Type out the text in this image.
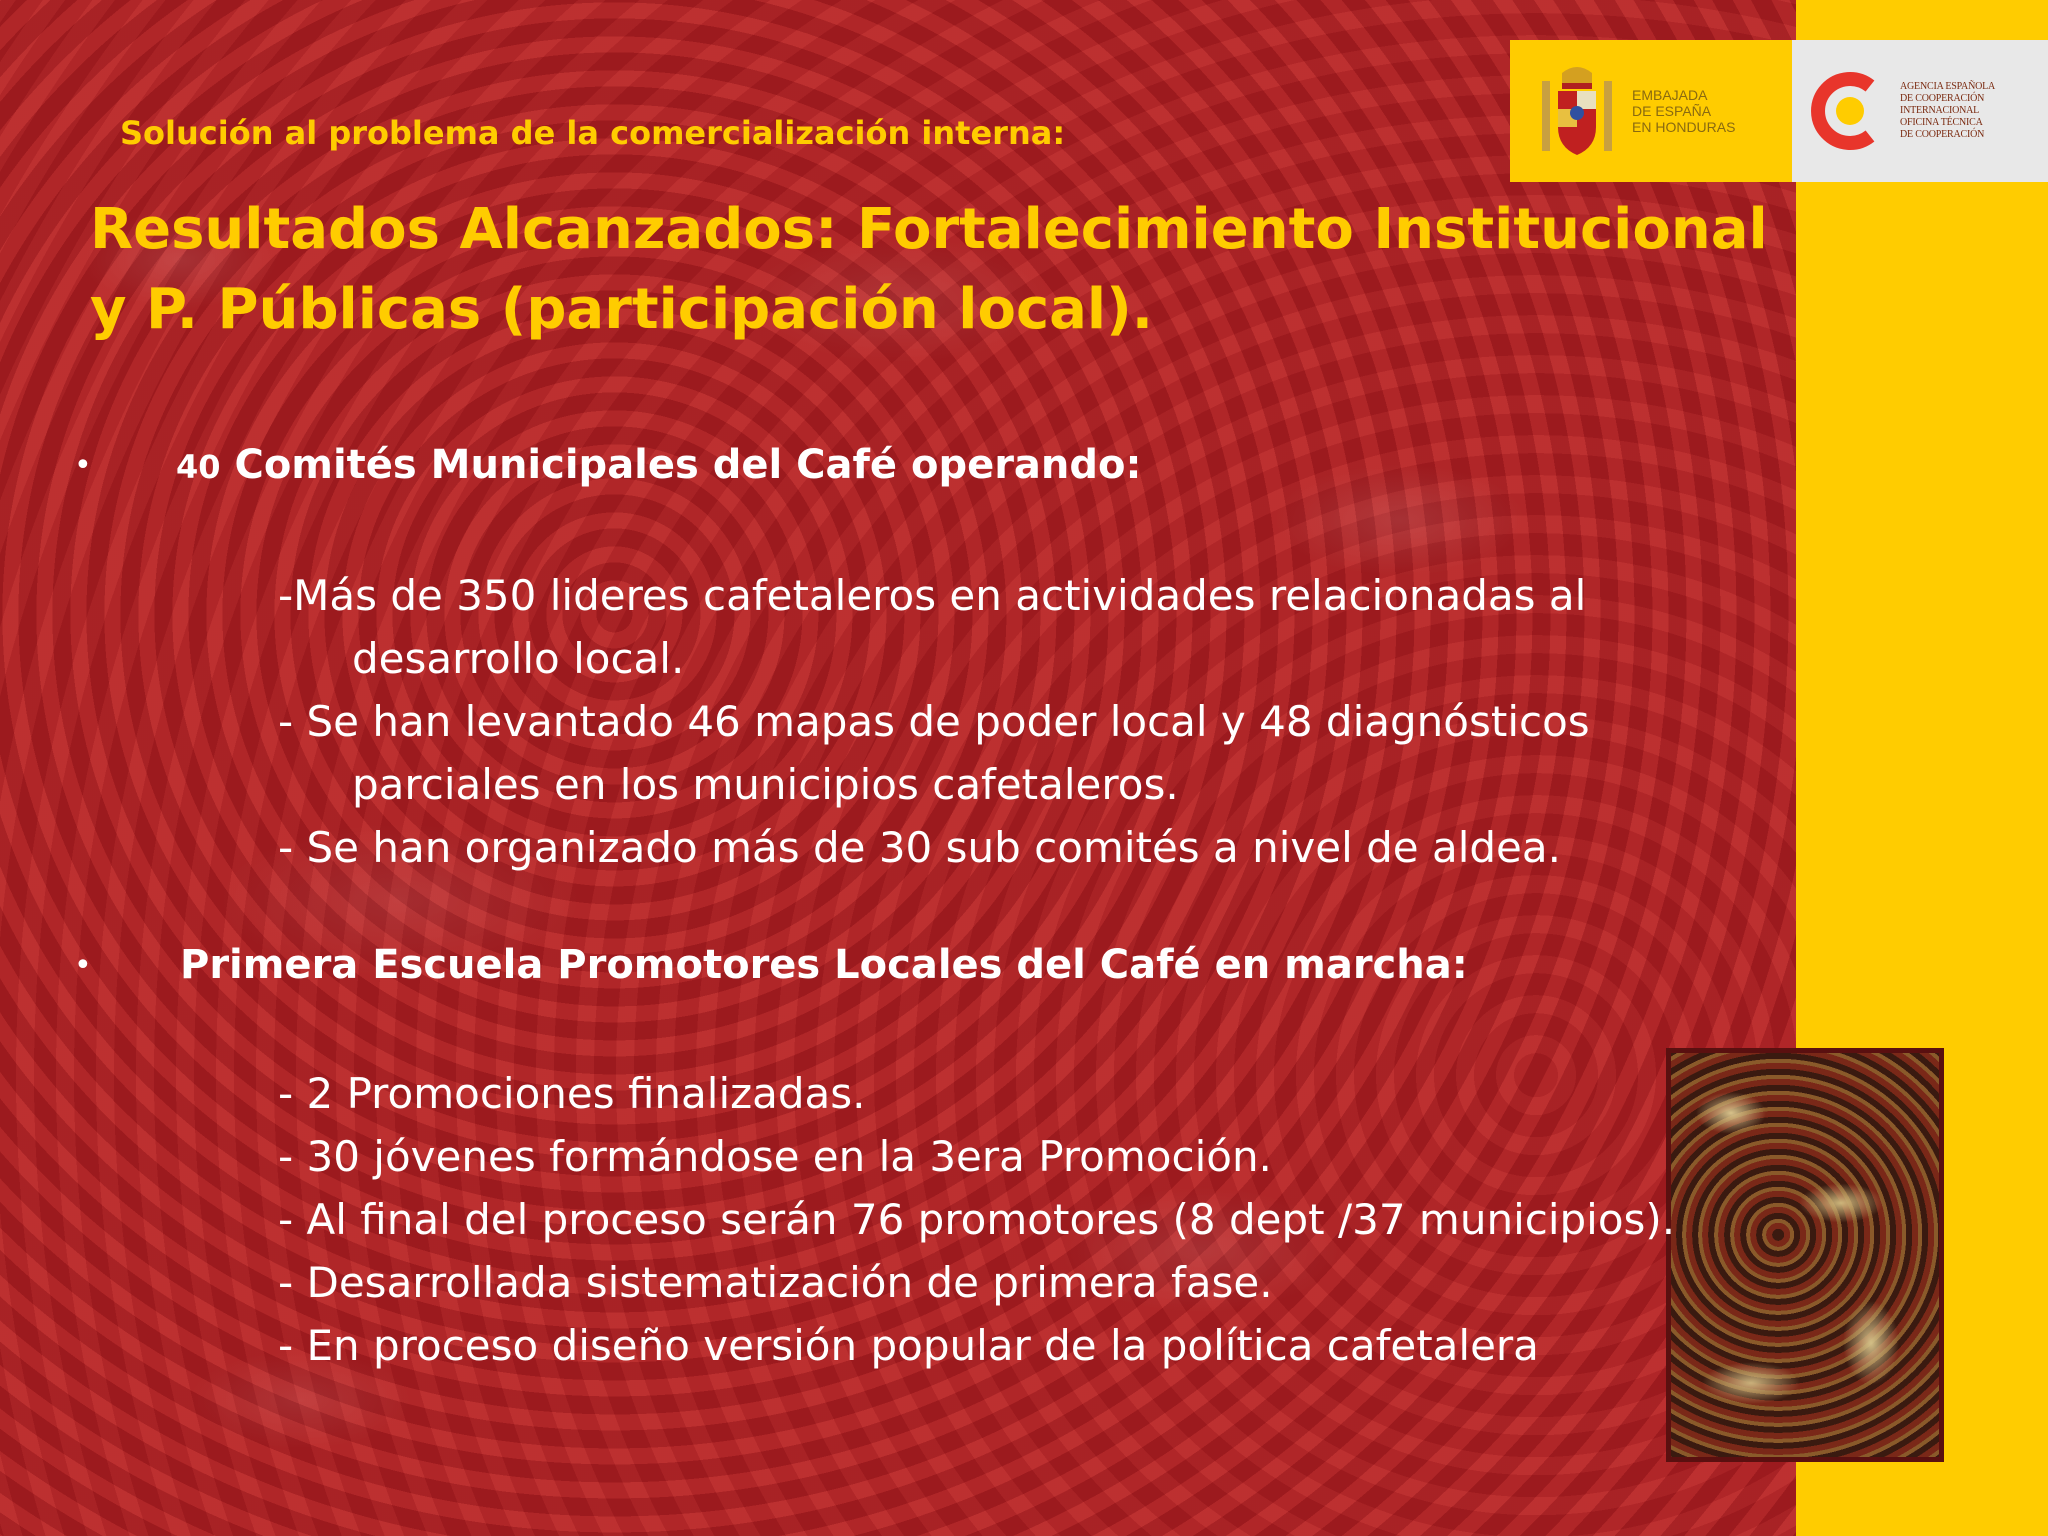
EMBAJADA
DE ESPAÑA
EN HONDURAS
AGENCIA ESPAÑOLA
DE COOPERACIÓN
INTERNACIONAL
OFICINA TÉCNICA
DE COOPERACIÓN
Solución al problema de la comercialización interna:
Resultados Alcanzados: Fortalecimiento Institucional y P. Públicas (participación local).
•	40 Comités Municipales del Café operando:
-Más de 350 lideres cafetaleros en actividades relacionadas al desarrollo local.
- Se han levantado 46 mapas de poder local y 48 diagnósticos parciales en los municipios cafetaleros.
- Se han organizado más de 30 sub comités a nivel de aldea.
• Primera Escuela Promotores Locales del Café en marcha:
- 2 Promociones finalizadas.
- 30 jóvenes formándose en la 3era Promoción.
- Al final del proceso serán 76 promotores (8 dept /37 municipios).
- Desarrollada sistematización de primera fase.
- En proceso diseño versión popular de la política cafetalera
